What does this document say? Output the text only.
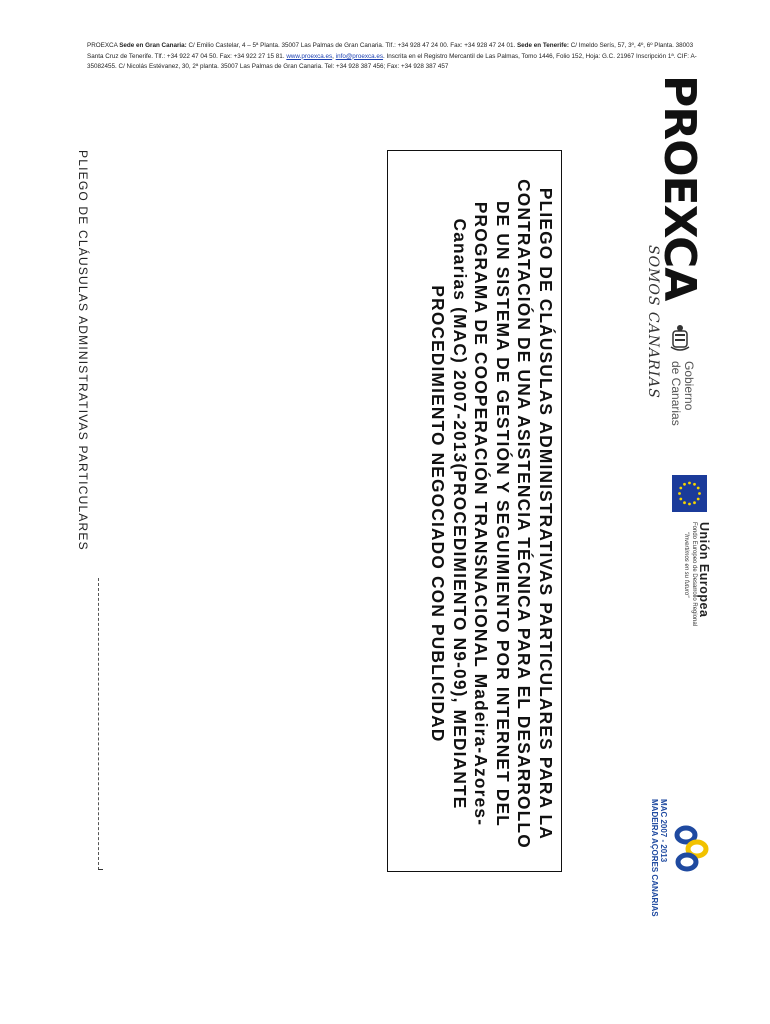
PROEXCA Sede en Gran Canaria: C/ Emilio Castelar, 4 – 5ª Planta. 35007 Las Palmas de Gran Canaria. Tlf.: +34 928 47 24 00. Fax: +34 928 47 24 01. Sede en Tenerife: C/ Imeldo Serís, 57, 3º, 4º, 6º Planta. 38003 Santa Cruz de Tenerife. Tlf.: +34 922 47 04 50. Fax: +34 922 27 15 81. www.proexca.es, info@proexca.es. Inscrita en el Registro Mercantil de Las Palmas, Tomo 1446, Folio 152, Hoja: G.C. 21967 Inscripción 1ª. CIF: A-35082455. C/ Nicolás Estévanez, 30, 2ª planta. 35007 Las Palmas de Gran Canaria. Tel: +34 928 387 456; Fax: +34 928 387 457
PLIEGO DE CLÁUSULAS ADMINISTRATIVAS PARTICULARES	PLIEGO DE CLÁUSULAS ADMINISTRATIVAS PARTICULARES PARA LA CONTRATACIÓN DE UNA ASISTENCIA TÉCNICA PARA EL DESARROLLO DE UN SISTEMA DE GESTIÓN Y SEGUIMIENTO POR INTERNET DEL PROGRAMA DE COOPERACIÓN TRANSNACIONAL Madeira-Azores-Canarias (MAC) 2007-2013(PROCEDIMIENTO N9-09), MEDIANTE PROCEDIMIENTO NEGOCIADO CON PUBLICIDAD
PROEXCA
SOMOS CANARIAS Gobierno
de Canarias
Unión Europea
Fondo Europeo de Desarrollo Regional
"Invertimos en su futuro"
MAC 2007 - 2013
MADEIRA AÇORES CANARIAS
